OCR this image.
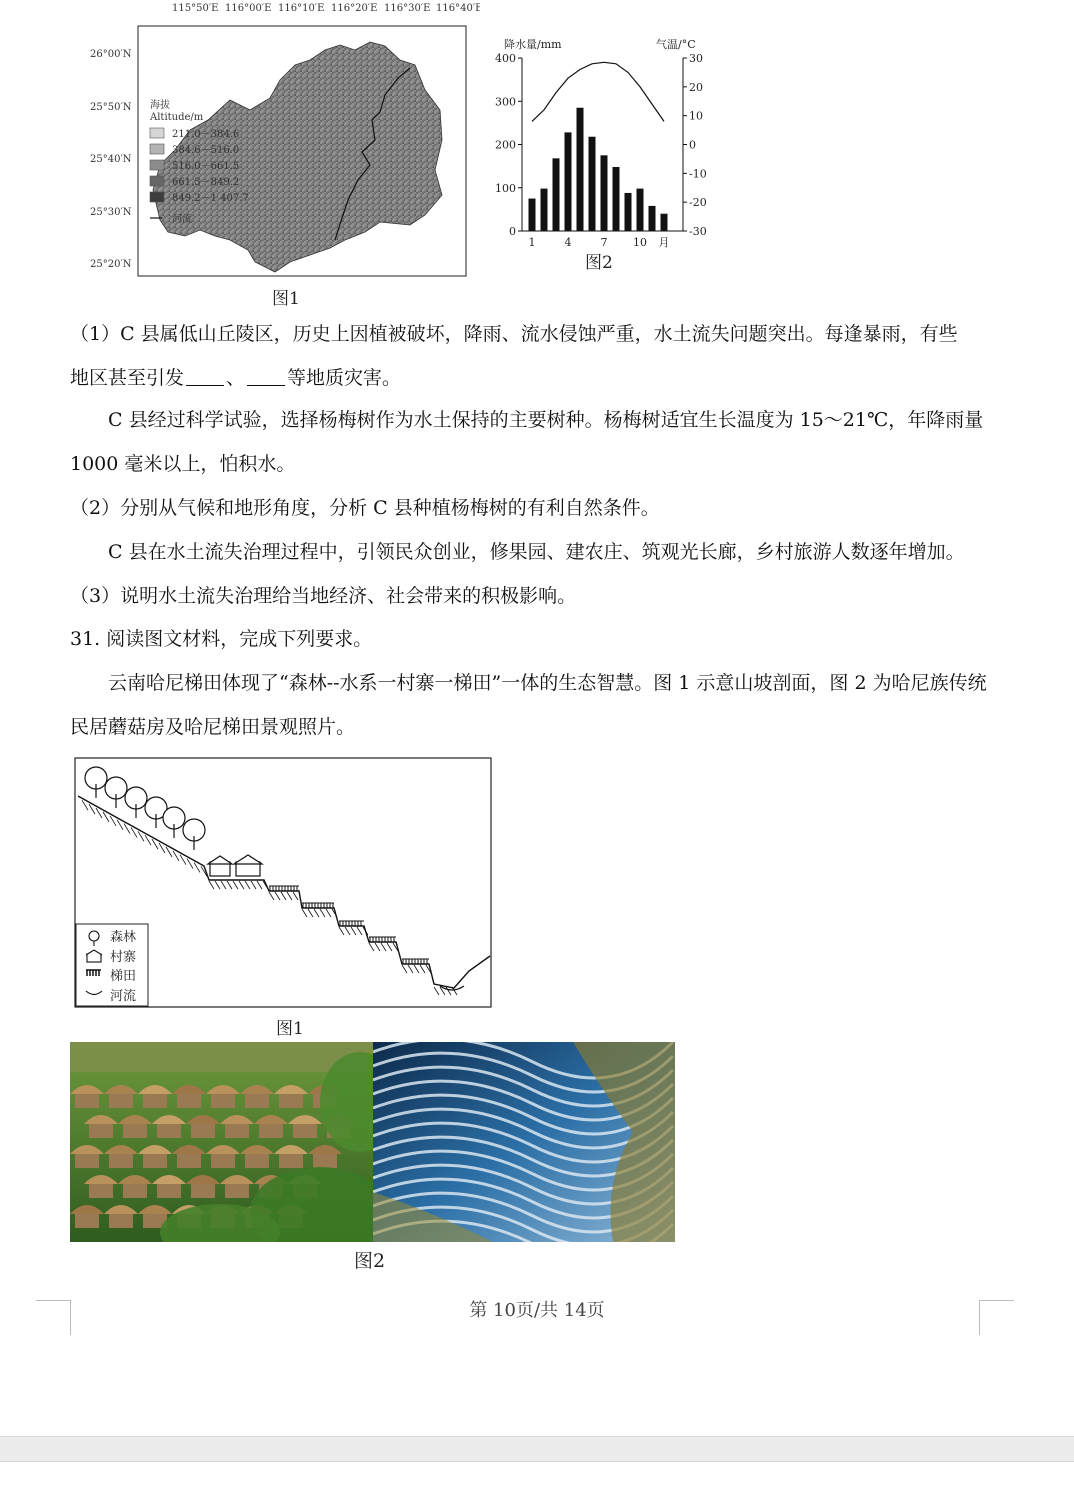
115°50′E 116°00′E 116°10′E 116°20′E 116°30′E 116°40′E
26°00′N
25°50′N
25°40′N
25°30′N
25°20′N
海拔
Altitude/m
211.0－384.6
384.6－516.0
516.0－661.5
661.5－849.2
849.2－1 407.7
河流
图1
降水量/mm	气温/°C
0
100
200
300
400	30
20
10
0
-10
-20
-30
1	4	7 10 月
图2
（1）C 县属低山丘陵区，历史上因植被破坏，降雨、流水侵蚀严重，水土流失问题突出。每逢暴雨，有些
地区甚至引发 、 等地质灾害。
C 县经过科学试验，选择杨梅树作为水土保持的主要树种。杨梅树适宜生长温度为 15～21℃，年降雨量 1000 毫米以上，怕积水。
（2）分别从气候和地形角度，分析 C 县种植杨梅树的有利自然条件。
C 县在水土流失治理过程中，引领民众创业，修果园、建农庄、筑观光长廊，乡村旅游人数逐年增加。
（3）说明水土流失治理给当地经济、社会带来的积极影响。
31. 阅读图文材料，完成下列要求。
云南哈尼梯田体现了“森林--水系一村寨一梯田”一体的生态智慧。图 1 示意山坡剖面，图 2 为哈尼族传统民居蘑菇房及哈尼梯田景观照片。
森林
村寨
梯田
河流
图1
图2
第 10页/共 14页
